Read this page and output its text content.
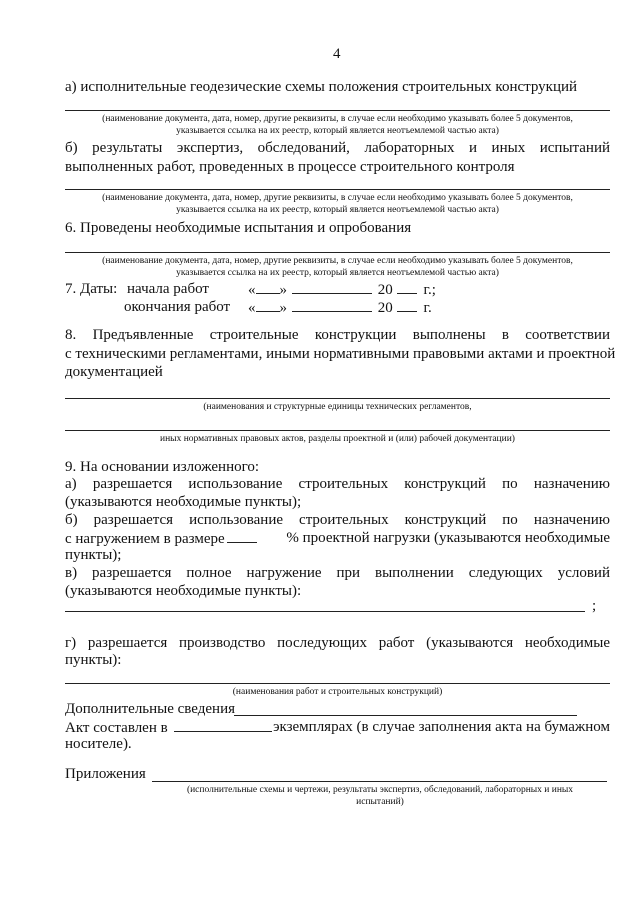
4
а) исполнительные геодезические схемы положения строительных конструкций
(наименование документа, дата, номер, другие реквизиты, в случае если необходимо указывать более 5 документов,
указывается ссылка на их реестр, который является неотъемлемой частью акта)
б) результаты экспертиз, обследований, лабораторных и иных испытаний
выполненных работ, проведенных в процессе строительного контроля
(наименование документа, дата, номер, другие реквизиты, в случае если необходимо указывать более 5 документов,
указывается ссылка на их реестр, который является неотъемлемой частью акта)
6. Проведены необходимые испытания и опробования
(наименование документа, дата, номер, другие реквизиты, в случае если необходимо указывать более 5 документов,
указывается ссылка на их реестр, который является неотъемлемой частью акта)
7. Даты: начала работ	« »	20 г.;
окончания работ « »	20 г.
8. Предъявленные строительные конструкции выполнены в соответствии
с техническими регламентами, иными нормативными правовыми актами и проектной
документацией
(наименования и структурные единицы технических регламентов,
иных нормативных правовых актов, разделы проектной и (или) рабочей документации)
9. На основании изложенного:
а) разрешается использование строительных конструкций по назначению
(указываются необходимые пункты);
б) разрешается использование строительных конструкций по назначению
с нагружением в размере	% проектной нагрузки (указываются необходимые
пункты);
в) разрешается полное нагружение при выполнении следующих условий
(указываются необходимые пункты):
;
г) разрешается производство последующих работ (указываются необходимые
пункты):
(наименования работ и строительных конструкций)
Дополнительные сведения
Акт составлен в	экземплярах (в случае заполнения акта на бумажном
носителе).
Приложения
(исполнительные схемы и чертежи, результаты экспертиз, обследований, лабораторных и иных
испытаний)
